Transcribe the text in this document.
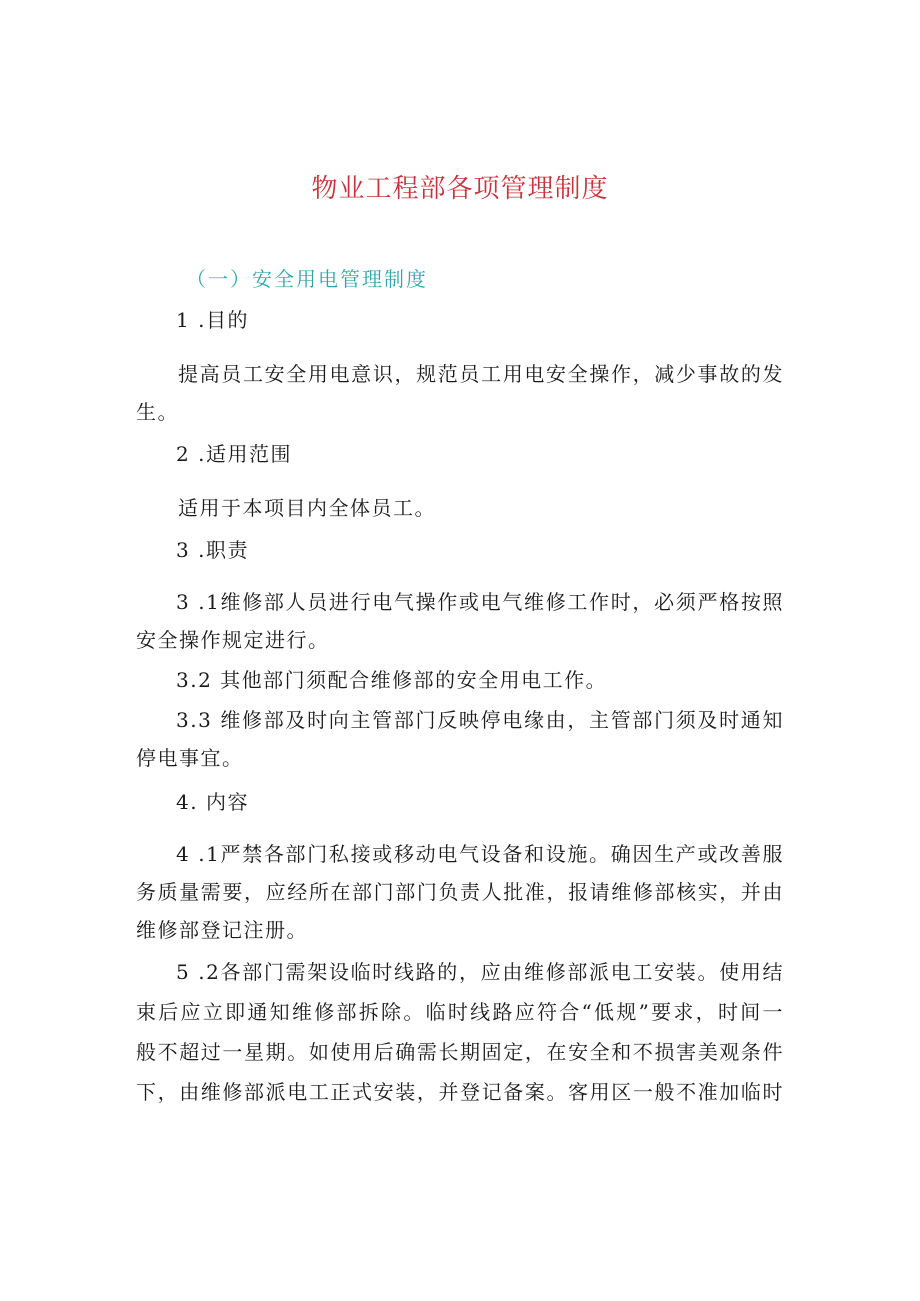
物业工程部各项管理制度
（一）安全用电管理制度
1 .目的
提高员工安全用电意识，规范员工用电安全操作，减少事故的发
生。
2 .适用范围
适用于本项目内全体员工。
3 .职责
3 .1维修部人员进行电气操作或电气维修工作时，必须严格按照
安全操作规定进行。
3.2 其他部门须配合维修部的安全用电工作。
3.3 维修部及时向主管部门反映停电缘由，主管部门须及时通知
停电事宜。
4. 内容
4 .1严禁各部门私接或移动电气设备和设施。确因生产或改善服
务质量需要，应经所在部门部门负责人批准，报请维修部核实，并由
维修部登记注册。
5 .2各部门需架设临时线路的，应由维修部派电工安装。使用结
束后应立即通知维修部拆除。临时线路应符合“低规”要求，时间一
般不超过一星期。如使用后确需长期固定，在安全和不损害美观条件
下，由维修部派电工正式安装，并登记备案。客用区一般不准加临时
